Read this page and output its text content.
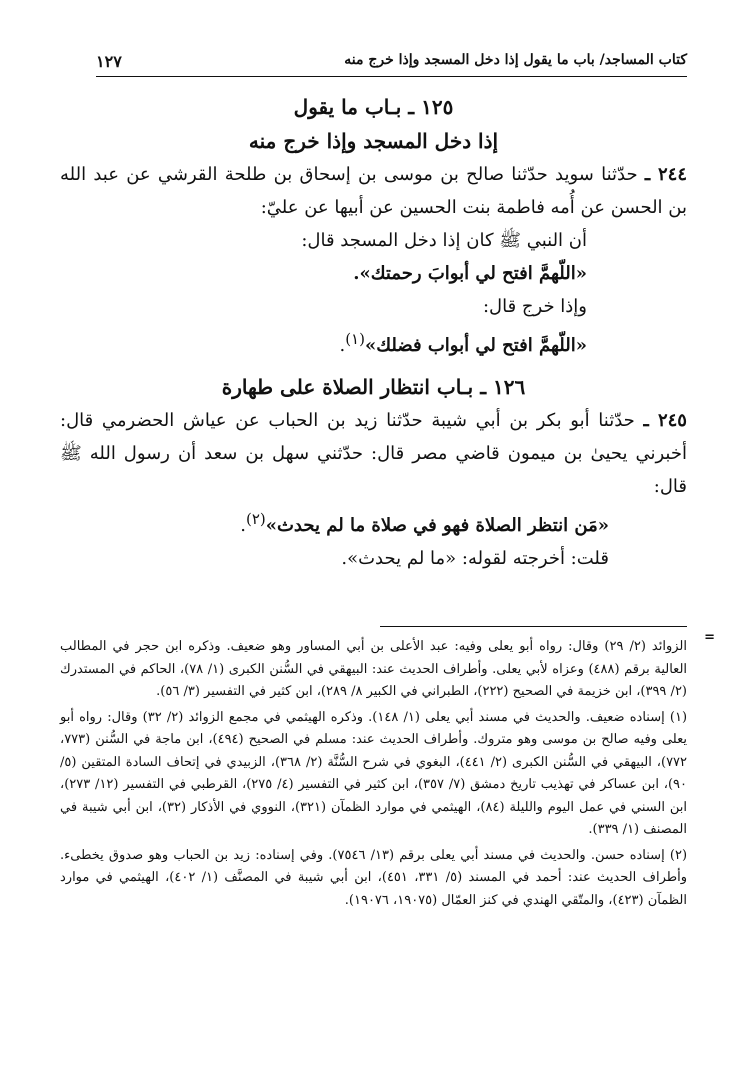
كتاب المساجد/ باب ما يقول إذا دخل المسجد وإذا خرج منه
١٢٧

١٢٥ ـ بـاب ما يقول

إذا دخل المسجد وإذا خرج منه

٢٤٤ ـ حدّثنا سويد حدّثنا صالح بن موسى بن إسحاق بن طلحة القرشي عن عبد الله بن الحسن عن أُمه فاطمة بنت الحسين عن أبيها عن عليّ:

أن النبي ﷺ كان إذا دخل المسجد قال:

«اللّهمَّ افتح لي أبوابَ رحمتك».

وإذا خرج قال:

«اللّهمَّ افتح لي أبواب فضلك»$^{(١)}$.

١٢٦ ـ بـاب انتظار الصلاة على طهارة

٢٤٥ ـ حدّثنا أبو بكر بن أبي شيبة حدّثنا زيد بن الحباب عن عياش الحضرمي قال: أخبرني يحيىٰ بن ميمون قاضي مصر قال: حدّثني سهل بن سعد أن رسول الله ﷺ قال:

«مَن انتظر الصلاة فهو في صلاة ما لم يحدث»$^{(٢)}$.

قلت: أخرجته لقوله: «ما لم يحدث».

=

الزوائد (٢/ ٢٩) وقال: رواه أبو يعلى وفيه: عبد الأعلى بن أبي المساور وهو ضعيف. وذكره ابن حجر في المطالب العالية برقم (٤٨٨) وعزاه لأبي يعلى. وأطراف الحديث عند: البيهقي في السُّنن الكبرى (١/ ٧٨)، الحاكم في المستدرك (٢/ ٣٩٩)، ابن خزيمة في الصحيح (٢٢٢)، الطبراني في الكبير ٨/ ٢٨٩)، ابن كثير في التفسير (٣/ ٥٦).

(١) إسناده ضعيف. والحديث في مسند أبي يعلى (١/ ١٤٨). وذكره الهيثمي في مجمع الزوائد (٢/ ٣٢) وقال: رواه أبو يعلى وفيه صالح بن موسى وهو متروك. وأطراف الحديث عند: مسلم في الصحيح (٤٩٤)، ابن ماجة في السُّنن (٧٧٣، ٧٧٢)، البيهقي في السُّنن الكبرى (٢/ ٤٤١)، البغوي في شرح السُّنَّة (٢/ ٣٦٨)، الزبيدي في إتحاف السادة المتقين (٥/ ٩٠)، ابن عساكر في تهذيب تاريخ دمشق (٧/ ٣٥٧)، ابن كثير في التفسير (٤/ ٢٧٥)، القرطبي في التفسير (١٢/ ٢٧٣)، ابن السني في عمل اليوم والليلة (٨٤)، الهيثمي في موارد الظمآن (٣٢١)، النووي في الأذكار (٣٢)، ابن أبي شيبة في المصنف (١/ ٣٣٩).

(٢) إسناده حسن. والحديث في مسند أبي يعلى برقم (١٣/ ٧٥٤٦). وفي إسناده: زيد بن الحباب وهو صدوق يخطىء. وأطراف الحديث عند: أحمد في المسند (٥/ ٣٣١، ٤٥١)، ابن أبي شيبة في المصنَّف (١/ ٤٠٢)، الهيثمي في موارد الظمآن (٤٢٣)، والمتّقي الهندي في كنز العمّال (١٩٠٧٥، ١٩٠٧٦).
